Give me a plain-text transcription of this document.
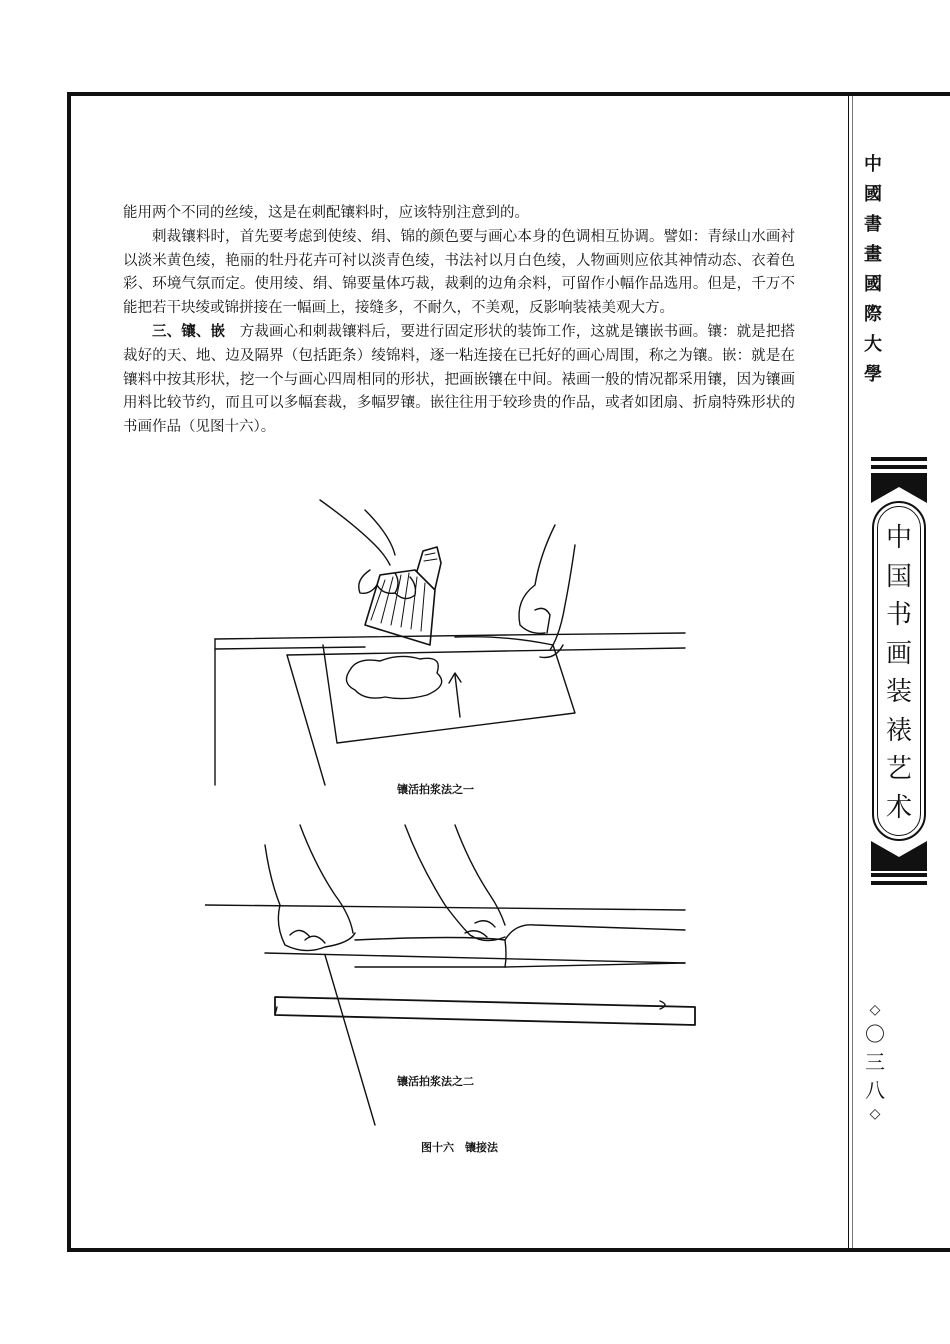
能用两个不同的丝绫，这是在刺配镶料时，应该特别注意到的。

刺裁镶料时，首先要考虑到使绫、绢、锦的颜色要与画心本身的色调相互协调。譬如：青绿山水画衬以淡米黄色绫，艳丽的牡丹花卉可衬以淡青色绫，书法衬以月白色绫，人物画则应依其神情动态、衣着色彩、环境气氛而定。使用绫、绢、锦要量体巧裁，裁剩的边角余料，可留作小幅作品选用。但是，千万不能把若干块绫或锦拼接在一幅画上，接缝多，不耐久，不美观，反影响装裱美观大方。

三、镶、嵌　方裁画心和刺裁镶料后，要进行固定形状的装饰工作，这就是镶嵌书画。镶：就是把搭裁好的天、地、边及隔界（包括距条）绫锦料，逐一粘连接在已托好的画心周围，称之为镶。嵌：就是在镶料中按其形状，挖一个与画心四周相同的形状，把画嵌镶在中间。裱画一般的情况都采用镶，因为镶画用料比较节约，而且可以多幅套裁，多幅罗镶。嵌往往用于较珍贵的作品，或者如团扇、折扇特殊形状的书画作品（见图十六）。

镶活拍浆法之一
镶活拍浆法之二
图十六　镶接法
中
國
書
畫
國
際
大
學
中
国
书
画
装
裱
艺
术
◇
〇
三
八
◇
